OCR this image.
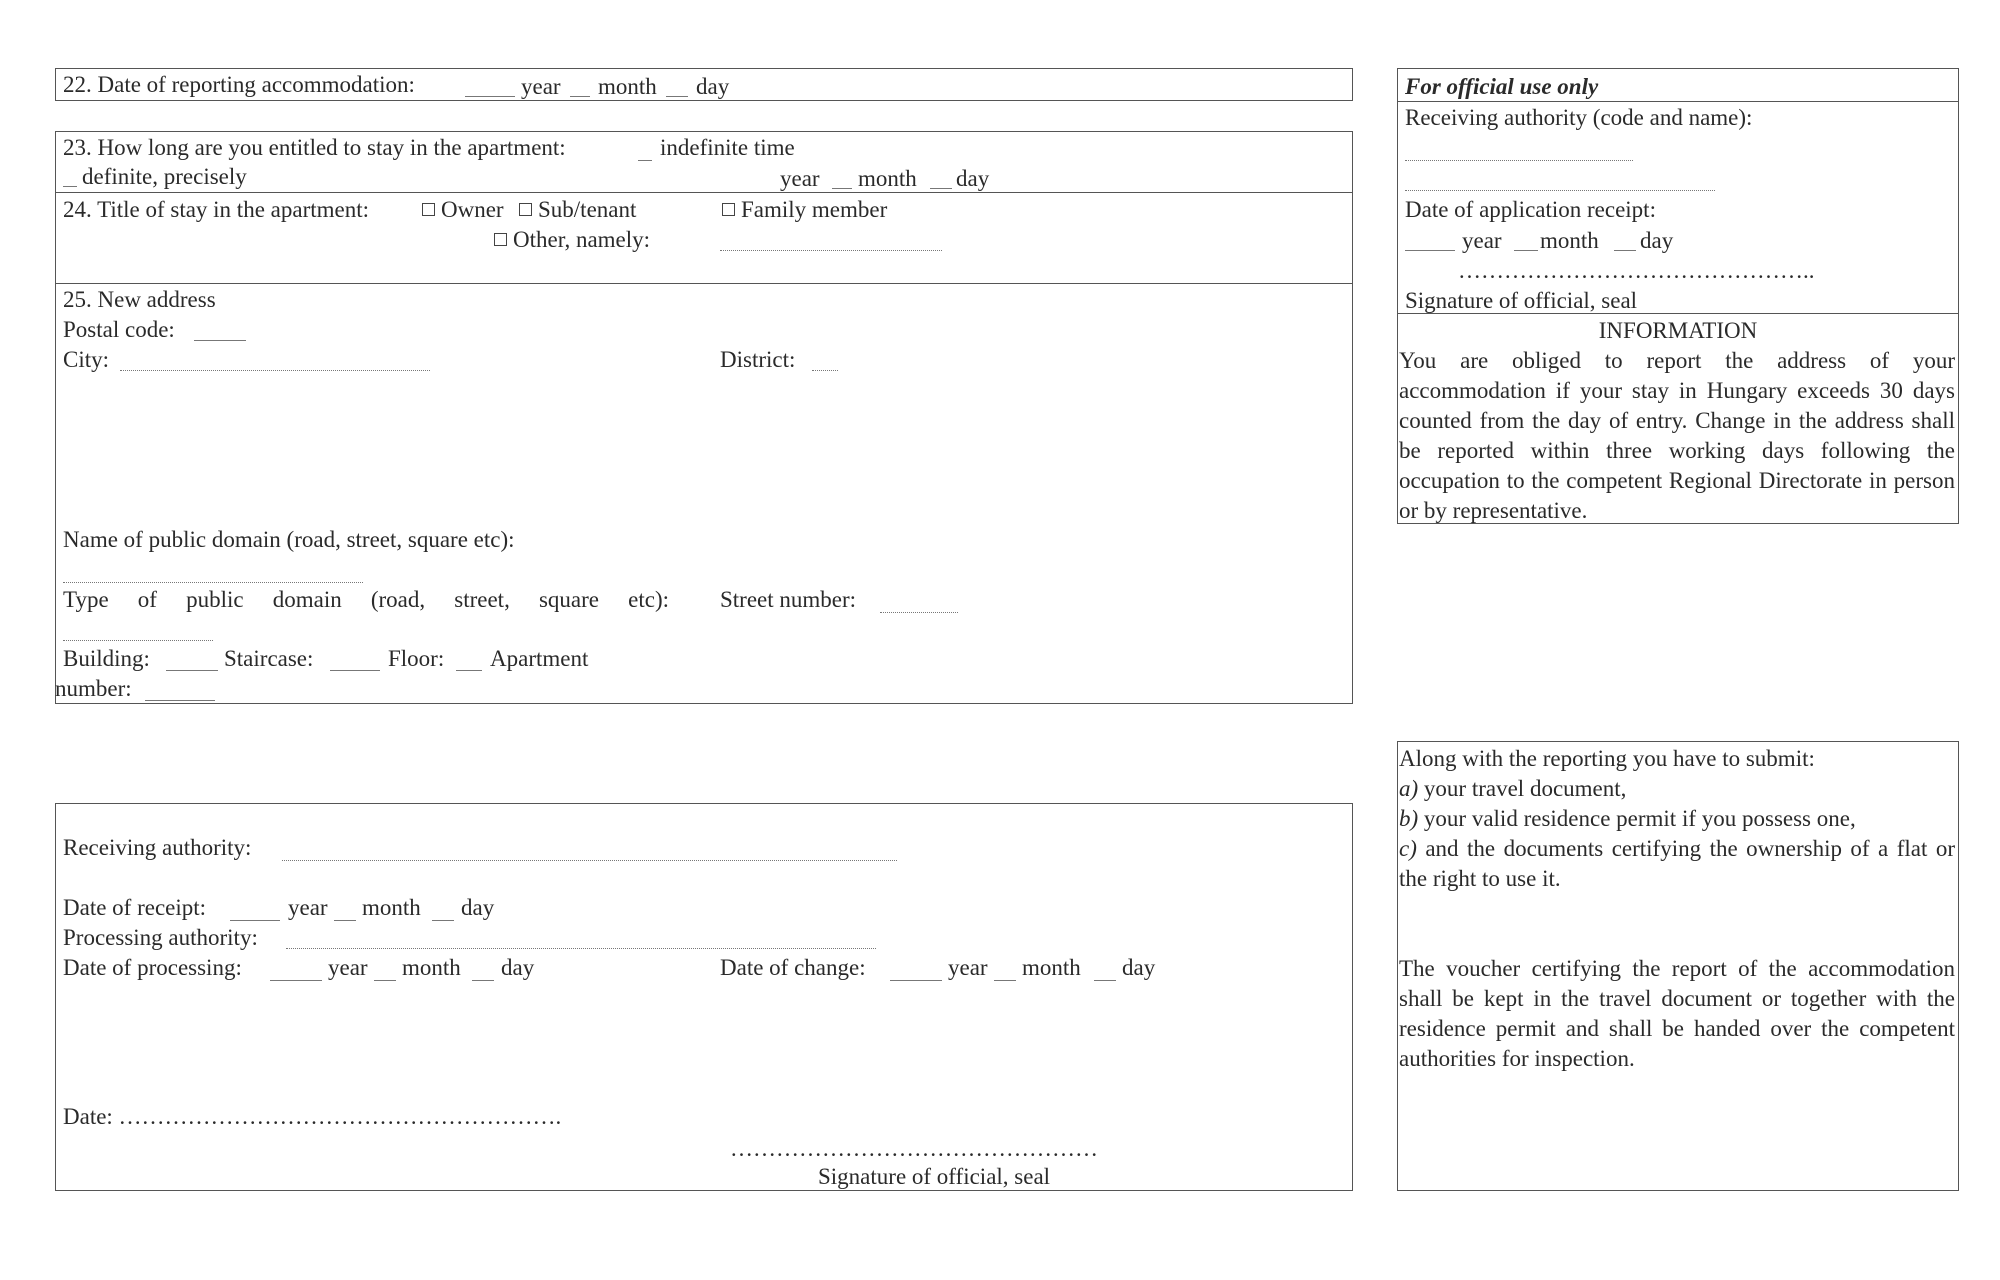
22. Date of reporting accommodation:	year month day
23. How long are you entitled to stay in the apartment:	indefinite time
definite, precisely	year month day
24. Title of stay in the apartment:	Owner	Sub/tenant	Family member
Other, namely:
25. New address
Postal code:
City:	District:
Name of public domain (road, street, square etc):
Type of public domain (road, street, square etc): Street number:
Building:	Staircase:	Floor: Apartment
number:
For official use only
Receiving authority (code and name):
Date of application receipt:
year month day
………………………………………..
Signature of official, seal
INFORMATION
You are obliged to report the address of your accommodation if your stay in Hungary exceeds 30 days counted from the day of entry. Change in the address shall be reported within three working days following the occupation to the competent Regional Directorate in person or by representative.
Receiving authority:
Date of receipt:	year month day
Processing authority:
Date of processing:	year month day	Date of change:	year month day
Date: ………………………………………………….
…………………………………………
Signature of official, seal

Along with the reporting you have to submit:

a) your travel document,

b) your valid residence permit if you possess one,

c) and the documents certifying the ownership of a flat or the right to use it.

The voucher certifying the report of the accommodation shall be kept in the travel document or together with the residence permit and shall be handed over the competent authorities for inspection.
